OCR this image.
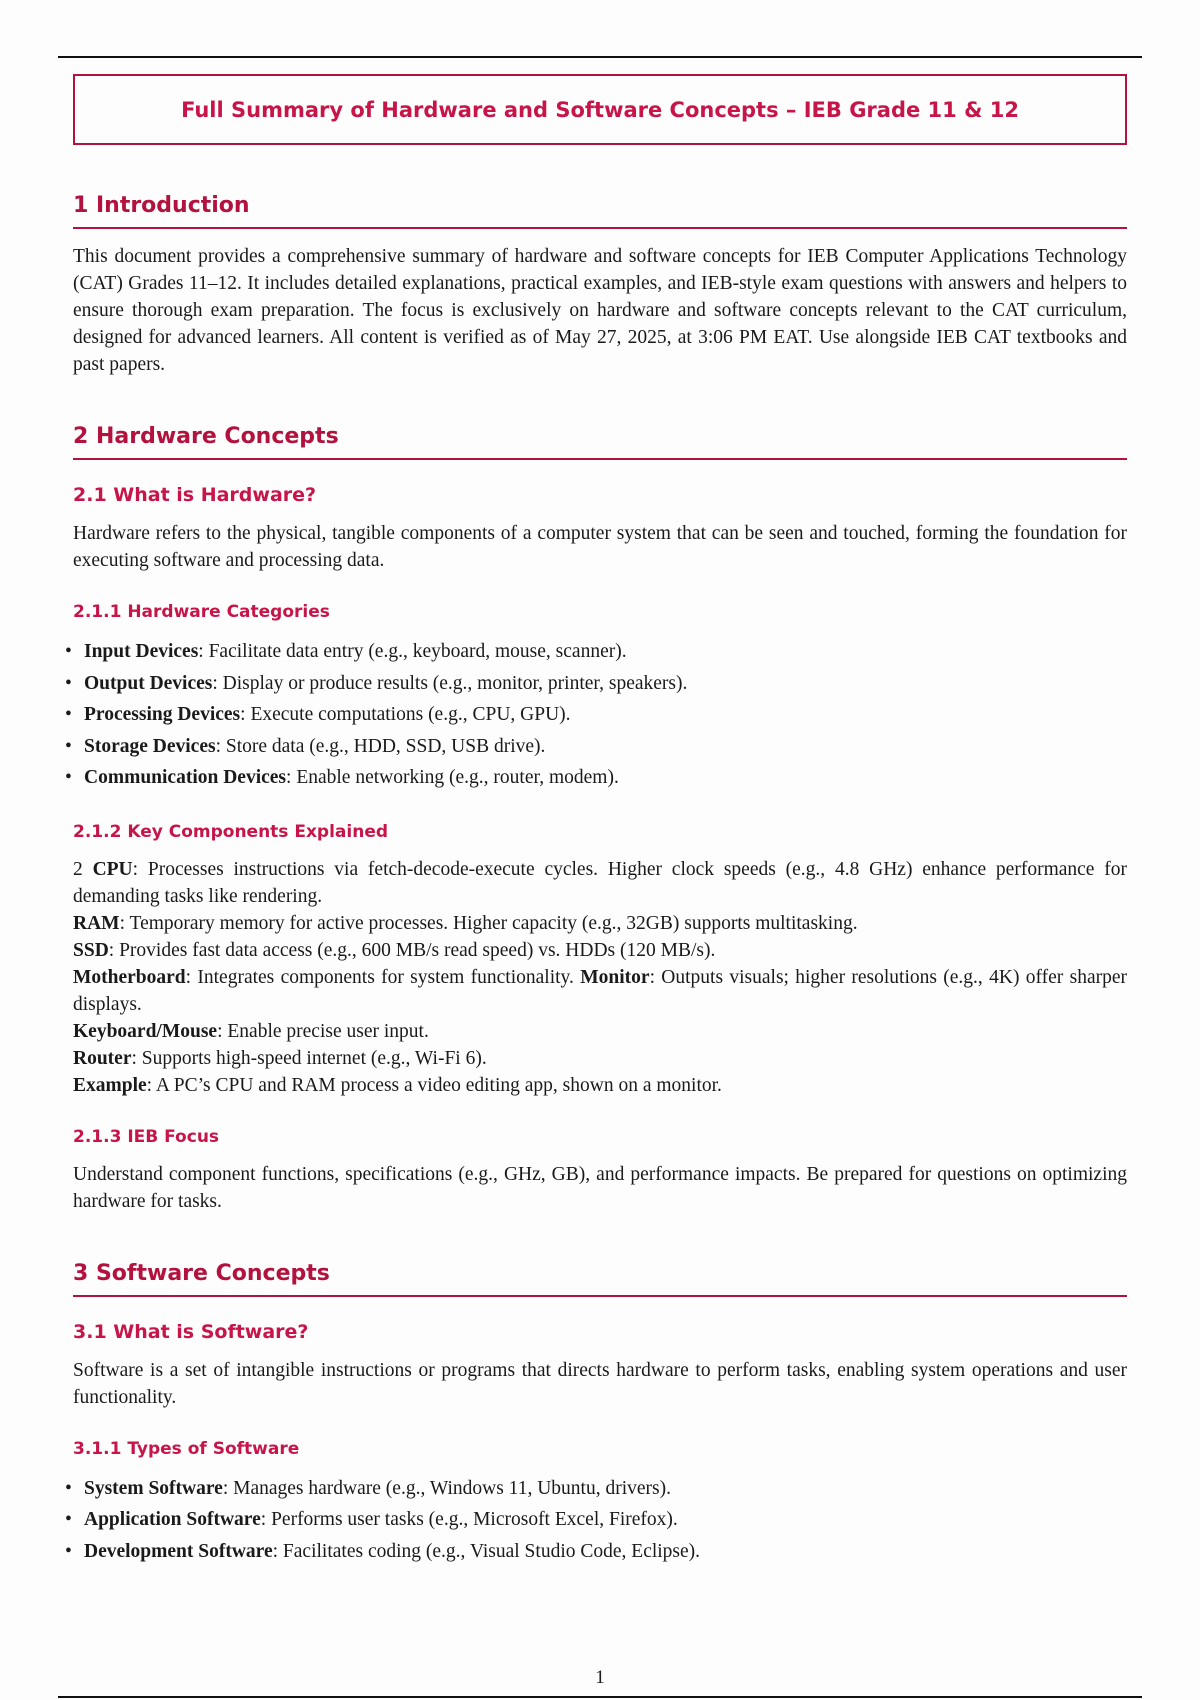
Full Summary of Hardware and Software Concepts – IEB Grade 11 & 12
1 Introduction

This document provides a comprehensive summary of hardware and software concepts for IEB Computer Applications Technology (CAT) Grades 11–12. It includes detailed explanations, practical examples, and IEB-style exam questions with answers and helpers to ensure thorough exam preparation. The focus is exclusively on hardware and software concepts relevant to the CAT curriculum, designed for advanced learners. All content is verified as of May 27, 2025, at 3:06 PM EAT. Use alongside IEB CAT textbooks and past papers.

2 Hardware Concepts
2.1 What is Hardware?

Hardware refers to the physical, tangible components of a computer system that can be seen and touched, forming the foundation for executing software and processing data.

2.1.1 Hardware Categories
• Input Devices: Facilitate data entry (e.g., keyboard, mouse, scanner).
• Output Devices: Display or produce results (e.g., monitor, printer, speakers).
• Processing Devices: Execute computations (e.g., CPU, GPU).
• Storage Devices: Store data (e.g., HDD, SSD, USB drive).
• Communication Devices: Enable networking (e.g., router, modem).
2.1.2 Key Components Explained
2 CPU: Processes instructions via fetch-decode-execute cycles. Higher clock speeds (e.g., 4.8 GHz) enhance performance for demanding tasks like rendering.
RAM: Temporary memory for active processes. Higher capacity (e.g., 32GB) supports multitasking.
SSD: Provides fast data access (e.g., 600 MB/s read speed) vs. HDDs (120 MB/s).
Motherboard: Integrates components for system functionality. Monitor: Outputs visuals; higher resolutions (e.g., 4K) offer sharper displays.
Keyboard/Mouse: Enable precise user input.
Router: Supports high-speed internet (e.g., Wi-Fi 6).
Example: A PC’s CPU and RAM process a video editing app, shown on a monitor.
2.1.3 IEB Focus

Understand component functions, specifications (e.g., GHz, GB), and performance impacts. Be prepared for questions on optimizing hardware for tasks.

3 Software Concepts
3.1 What is Software?

Software is a set of intangible instructions or programs that directs hardware to perform tasks, enabling system operations and user functionality.

3.1.1 Types of Software
• System Software: Manages hardware (e.g., Windows 11, Ubuntu, drivers).
• Application Software: Performs user tasks (e.g., Microsoft Excel, Firefox).
• Development Software: Facilitates coding (e.g., Visual Studio Code, Eclipse).
1
